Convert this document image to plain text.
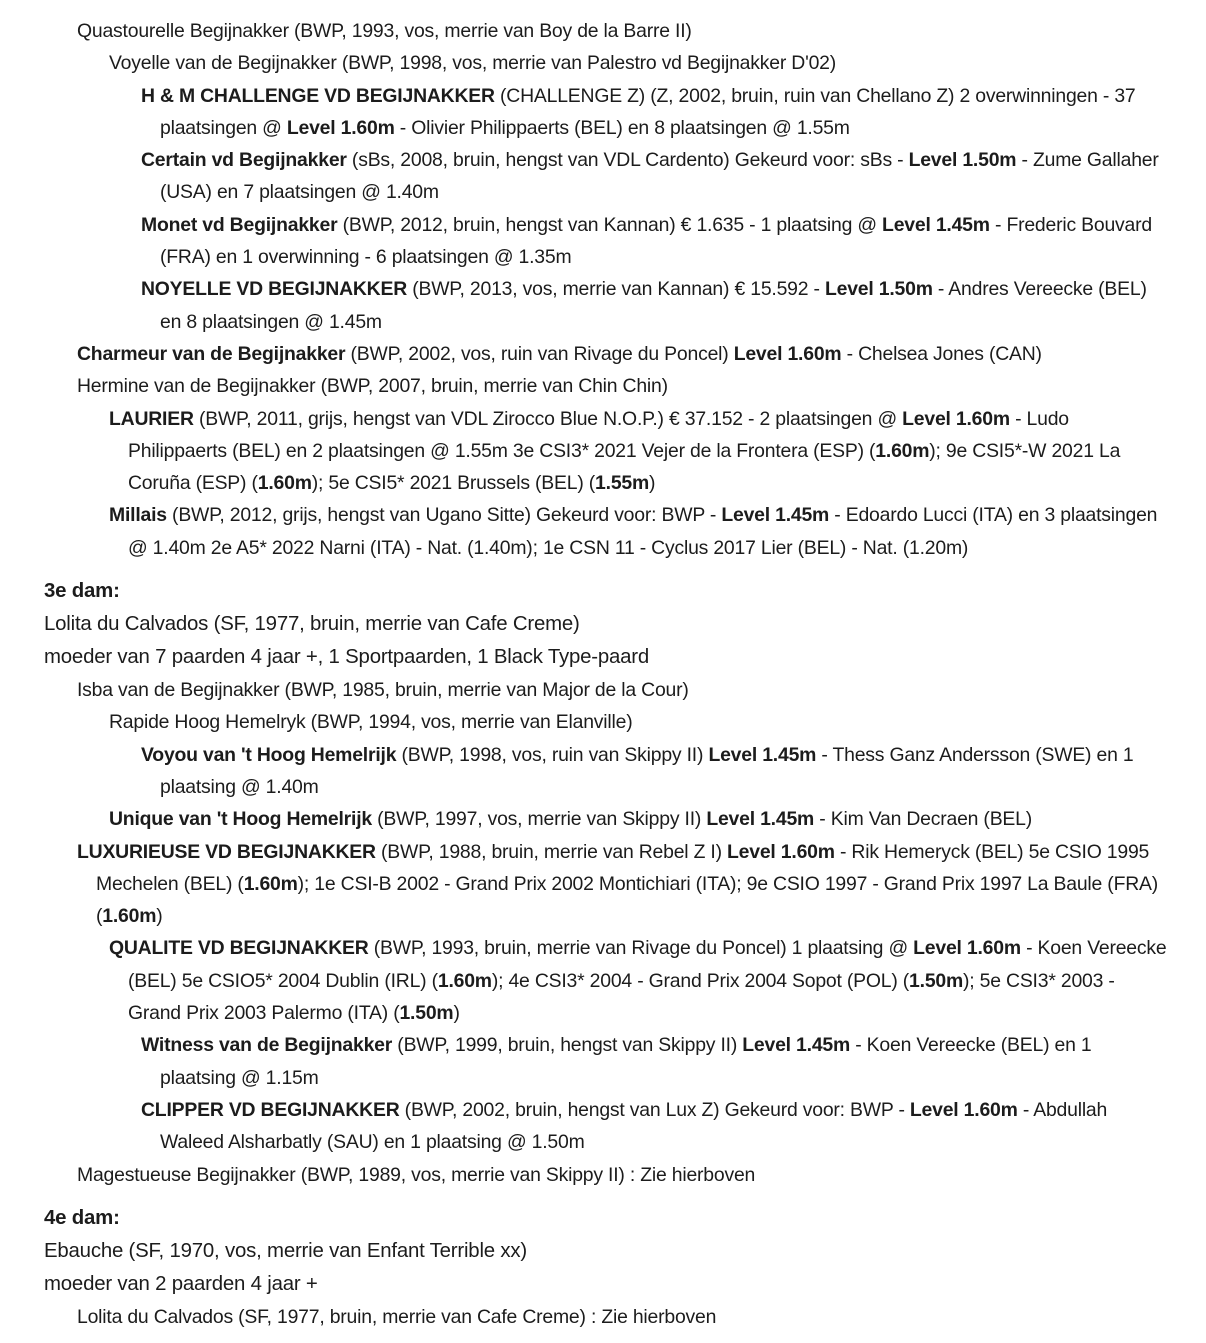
Quastourelle Begijnakker (BWP, 1993, vos, merrie van Boy de la Barre II)

Voyelle van de Begijnakker (BWP, 1998, vos, merrie van Palestro vd Begijnakker D'02)

H & M CHALLENGE VD BEGIJNAKKER (CHALLENGE Z) (Z, 2002, bruin, ruin van Chellano Z) 2 overwinningen - 37 plaatsingen @ Level 1.60m - Olivier Philippaerts (BEL) en 8 plaatsingen @ 1.55m

Certain vd Begijnakker (sBs, 2008, bruin, hengst van VDL Cardento) Gekeurd voor: sBs - Level 1.50m - Zume Gallaher (USA) en 7 plaatsingen @ 1.40m

Monet vd Begijnakker (BWP, 2012, bruin, hengst van Kannan) € 1.635 - 1 plaatsing @ Level 1.45m - Frederic Bouvard (FRA) en 1 overwinning - 6 plaatsingen @ 1.35m

NOYELLE VD BEGIJNAKKER (BWP, 2013, vos, merrie van Kannan) € 15.592 - Level 1.50m - Andres Vereecke (BEL) en 8 plaatsingen @ 1.45m

Charmeur van de Begijnakker (BWP, 2002, vos, ruin van Rivage du Poncel) Level 1.60m - Chelsea Jones (CAN)

Hermine van de Begijnakker (BWP, 2007, bruin, merrie van Chin Chin)

LAURIER (BWP, 2011, grijs, hengst van VDL Zirocco Blue N.O.P.) € 37.152 - 2 plaatsingen @ Level 1.60m - Ludo Philippaerts (BEL) en 2 plaatsingen @ 1.55m 3e CSI3* 2021 Vejer de la Frontera (ESP) (1.60m); 9e CSI5*-W 2021 La Coruña (ESP) (1.60m); 5e CSI5* 2021 Brussels (BEL) (1.55m)

Millais (BWP, 2012, grijs, hengst van Ugano Sitte) Gekeurd voor: BWP - Level 1.45m - Edoardo Lucci (ITA) en 3 plaatsingen @ 1.40m 2e A5* 2022 Narni (ITA) - Nat. (1.40m); 1e CSN 11 - Cyclus 2017 Lier (BEL) - Nat. (1.20m)

3e dam:

Lolita du Calvados (SF, 1977, bruin, merrie van Cafe Creme)

moeder van 7 paarden 4 jaar +, 1 Sportpaarden, 1 Black Type-paard

Isba van de Begijnakker (BWP, 1985, bruin, merrie van Major de la Cour)

Rapide Hoog Hemelryk (BWP, 1994, vos, merrie van Elanville)

Voyou van 't Hoog Hemelrijk (BWP, 1998, vos, ruin van Skippy II) Level 1.45m - Thess Ganz Andersson (SWE) en 1 plaatsing @ 1.40m

Unique van 't Hoog Hemelrijk (BWP, 1997, vos, merrie van Skippy II) Level 1.45m - Kim Van Decraen (BEL)

LUXURIEUSE VD BEGIJNAKKER (BWP, 1988, bruin, merrie van Rebel Z I) Level 1.60m - Rik Hemeryck (BEL) 5e CSIO 1995 Mechelen (BEL) (1.60m); 1e CSI-B 2002 - Grand Prix 2002 Montichiari (ITA); 9e CSIO 1997 - Grand Prix 1997 La Baule (FRA) (1.60m)

QUALITE VD BEGIJNAKKER (BWP, 1993, bruin, merrie van Rivage du Poncel) 1 plaatsing @ Level 1.60m - Koen Vereecke (BEL) 5e CSIO5* 2004 Dublin (IRL) (1.60m); 4e CSI3* 2004 - Grand Prix 2004 Sopot (POL) (1.50m); 5e CSI3* 2003 - Grand Prix 2003 Palermo (ITA) (1.50m)

Witness van de Begijnakker (BWP, 1999, bruin, hengst van Skippy II) Level 1.45m - Koen Vereecke (BEL) en 1 plaatsing @ 1.15m

CLIPPER VD BEGIJNAKKER (BWP, 2002, bruin, hengst van Lux Z) Gekeurd voor: BWP - Level 1.60m - Abdullah Waleed Alsharbatly (SAU) en 1 plaatsing @ 1.50m

Magestueuse Begijnakker (BWP, 1989, vos, merrie van Skippy II) : Zie hierboven

4e dam:

Ebauche (SF, 1970, vos, merrie van Enfant Terrible xx)

moeder van 2 paarden 4 jaar +

Lolita du Calvados (SF, 1977, bruin, merrie van Cafe Creme) : Zie hierboven
